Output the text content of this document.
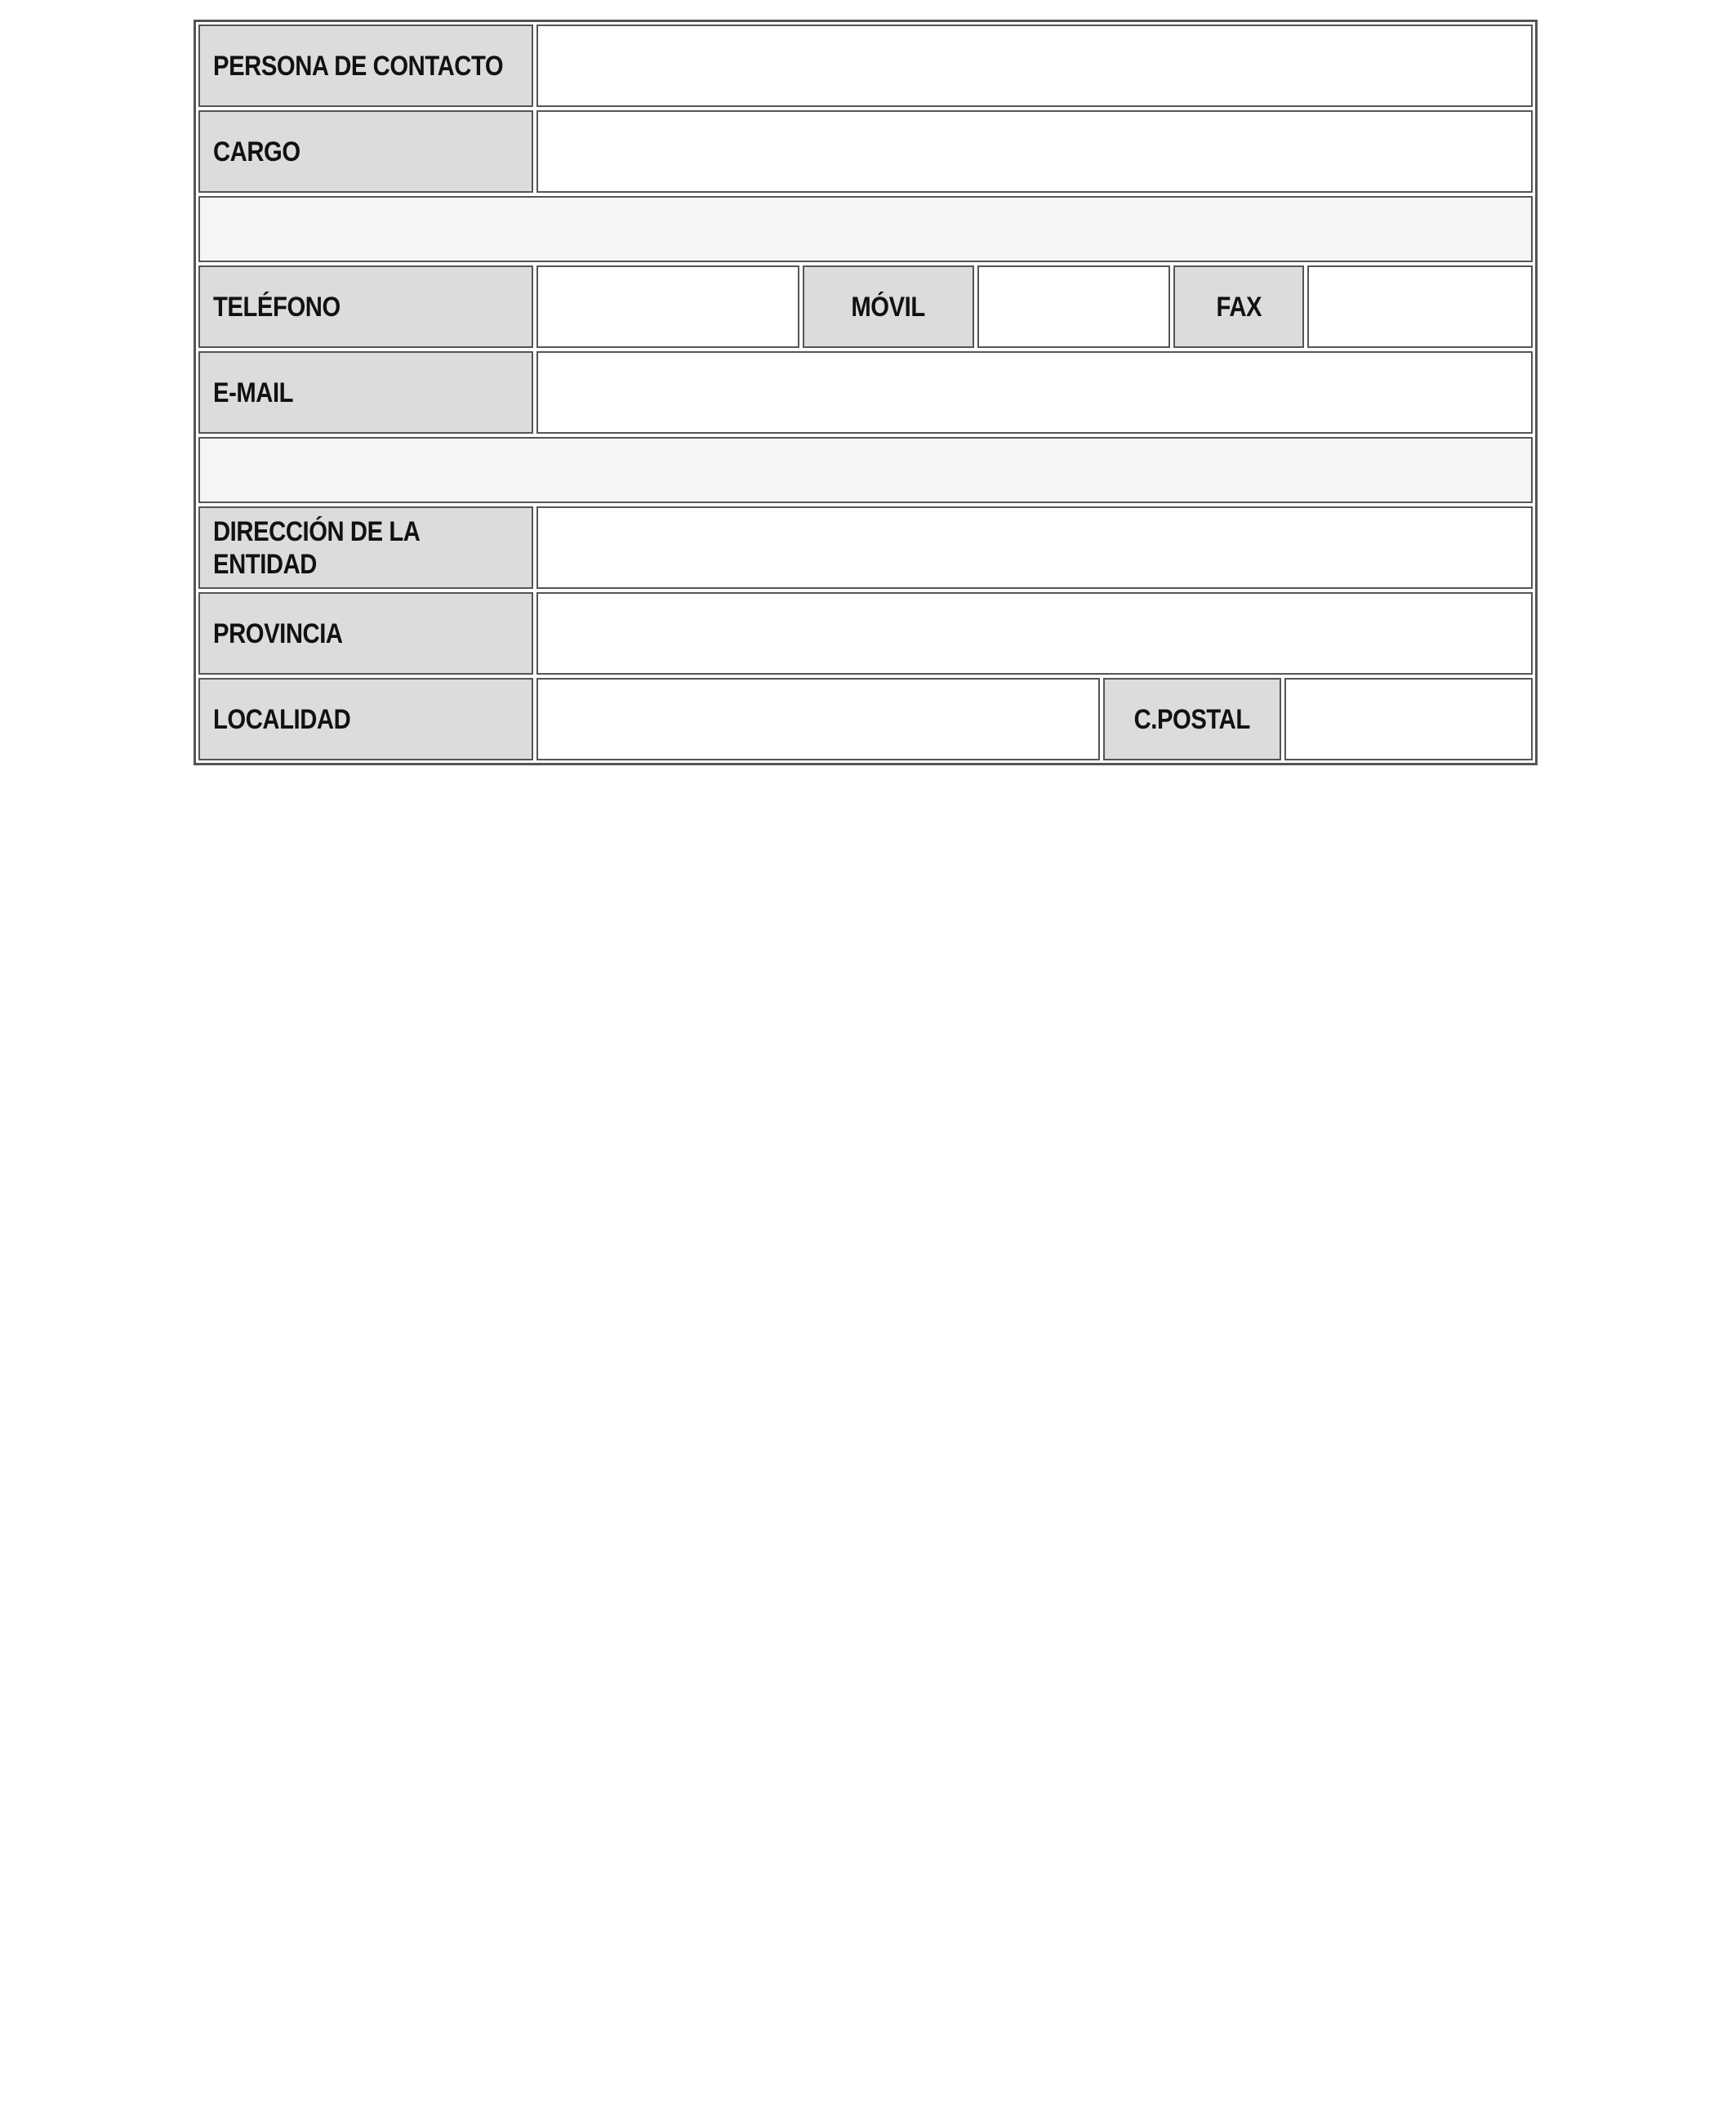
PERSONA DE CONTACTO
CARGO
TELÉFONO	MÓVIL	FAX
E-MAIL
DIRECCIÓN DE LA ENTIDAD
PROVINCIA
LOCALIDAD	C.POSTAL
